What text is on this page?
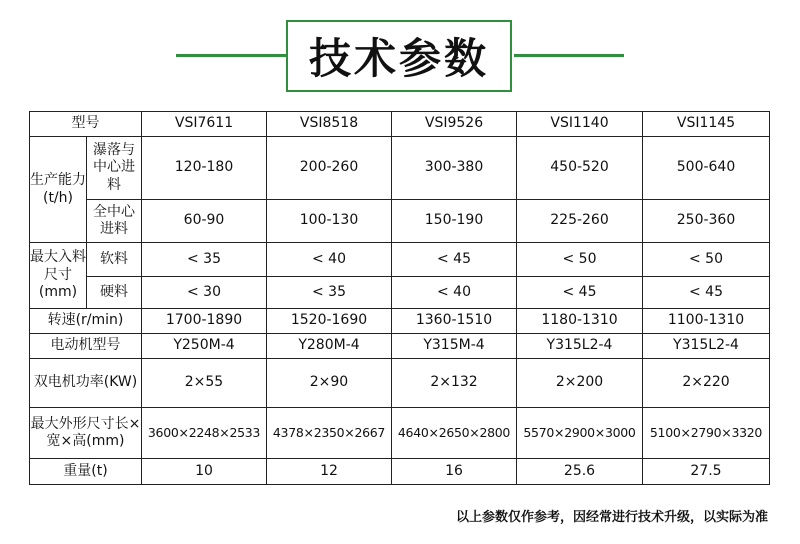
技术参数
型号		VSI7611	VSI8518	VSI9526	VSI1140	VSI1145
生产能力(t/h)	瀑落与中心进料	120-180	200-260	300-380	450-520	500-640
	全中心进料	60-90	100-130	150-190	225-260	250-360
最大入料尺寸(mm)	软料	< 35	< 40	< 45	< 50	< 50
	硬料	< 30	< 35	< 40	< 45	< 45
转速(r/min)		1700-1890	1520-1690	1360-1510	1180-1310	1100-1310
电动机型号		Y250M-4	Y280M-4	Y315M-4	Y315L2-4	Y315L2-4
双电机功率(KW)		2×55	2×90	2×132	2×200	2×220
最大外形尺寸长×宽×高(mm)		3600×2248×2533	4378×2350×2667	4640×2650×2800	5570×2900×3000	5100×2790×3320
重量(t)		10	12	16	25.6	27.5
以上参数仅作参考，因经常进行技术升级，以实际为准
